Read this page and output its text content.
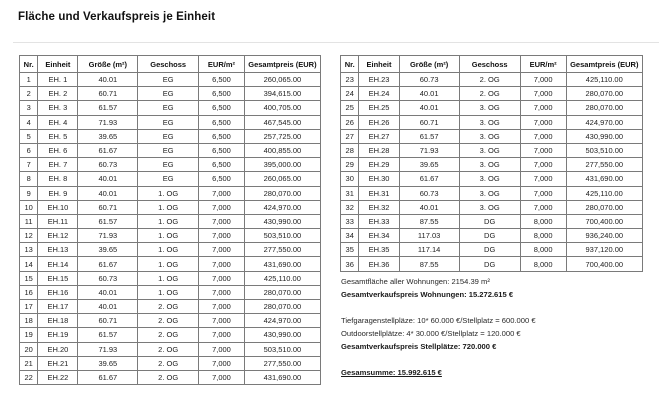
Fläche und Verkaufspreis je Einheit
Nr.	Einheit	Größe (m²)	Geschoss	EUR/m²	Gesamtpreis (EUR)
1	EH. 1	40.01	EG	6,500	260,065.00
2	EH. 2	60.71	EG	6,500	394,615.00
3	EH. 3	61.57	EG	6,500	400,705.00
4	EH. 4	71.93	EG	6,500	467,545.00
5	EH. 5	39.65	EG	6,500	257,725.00
6	EH. 6	61.67	EG	6,500	400,855.00
7	EH. 7	60.73	EG	6,500	395,000.00
8	EH. 8	40.01	EG	6,500	260,065.00
9	EH. 9	40.01	1. OG	7,000	280,070.00
10	EH.10	60.71	1. OG	7,000	424,970.00
11	EH.11	61.57	1. OG	7,000	430,990.00
12	EH.12	71.93	1. OG	7,000	503,510.00
13	EH.13	39.65	1. OG	7,000	277,550.00
14	EH.14	61.67	1. OG	7,000	431,690.00
15	EH.15	60.73	1. OG	7,000	425,110.00
16	EH.16	40.01	1. OG	7,000	280,070.00
17	EH.17	40.01	2. OG	7,000	280,070.00
18	EH.18	60.71	2. OG	7,000	424,970.00
19	EH.19	61.57	2. OG	7,000	430,990.00
20	EH.20	71.93	2. OG	7,000	503,510.00
21	EH.21	39.65	2. OG	7,000	277,550.00
22	EH.22	61.67	2. OG	7,000	431,690.00
Nr.	Einheit	Größe (m²)	Geschoss	EUR/m²	Gesamtpreis (EUR)
23	EH.23	60.73	2. OG	7,000	425,110.00
24	EH.24	40.01	2. OG	7,000	280,070.00
25	EH.25	40.01	3. OG	7,000	280,070.00
26	EH.26	60.71	3. OG	7,000	424,970.00
27	EH.27	61.57	3. OG	7,000	430,990.00
28	EH.28	71.93	3. OG	7,000	503,510.00
29	EH.29	39.65	3. OG	7,000	277,550.00
30	EH.30	61.67	3. OG	7,000	431,690.00
31	EH.31	60.73	3. OG	7,000	425,110.00
32	EH.32	40.01	3. OG	7,000	280,070.00
33	EH.33	87.55	DG	8,000	700,400.00
34	EH.34	117.03	DG	8,000	936,240.00
35	EH.35	117.14	DG	8,000	937,120.00
36	EH.36	87.55	DG	8,000	700,400.00
Gesamtfläche aller Wohnungen: 2154.39 m²
Gesamtverkaufspreis Wohnungen: 15.272.615 €
Tiefgaragenstellpläze: 10* 60.000 €/Stellplatz = 600.000 €
Outdoorstellplätze: 4* 30.000 €/Stellplatz = 120.000 €
Gesamtverkaufspreis Stellplätze: 720.000 €
Gesamsumme: 15.992.615 €
